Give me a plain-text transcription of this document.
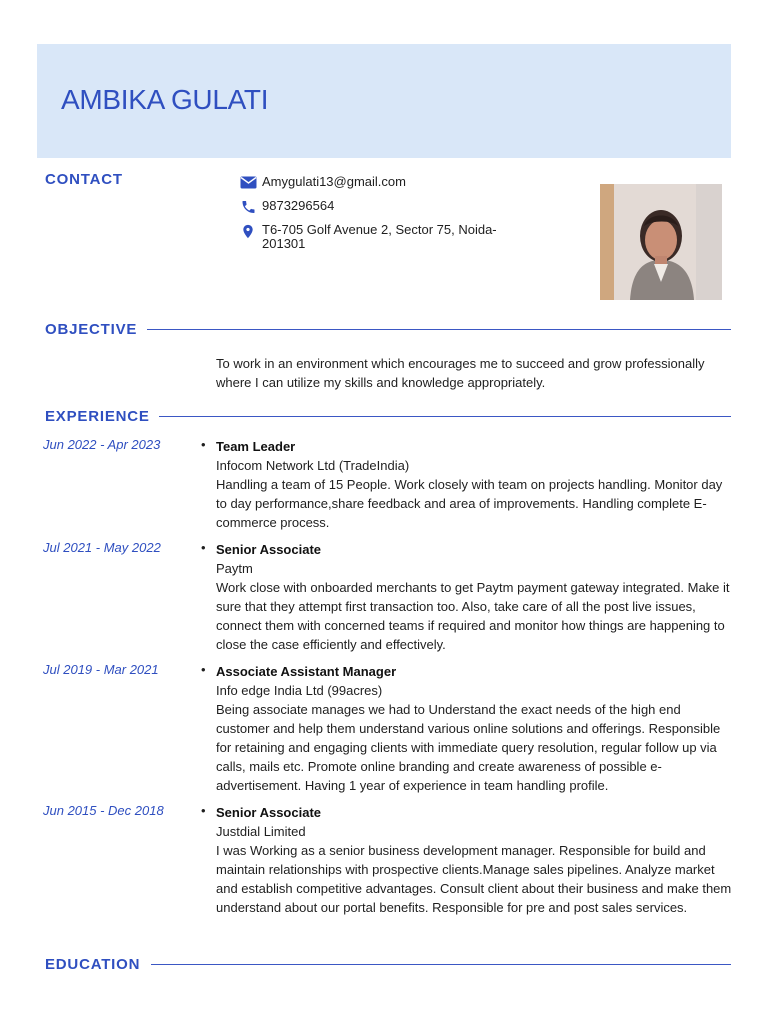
AMBIKA GULATI
CONTACT	Amygulati13@gmail.com
9873296564
T6-705 Golf Avenue 2, Sector 75, Noida-201301
OBJECTIVE

To work in an environment which encourages me to succeed and grow professionally where I can utilize my skills and knowledge appropriately.

EXPERIENCE
Jun 2022 - Apr 2023	• Team Leader
Infocom Network Ltd (TradeIndia)

Handling a team of 15 People. Work closely with team on projects handling. Monitor day to day performance,share feedback and area of improvements. Handling complete E-commerce process.

Jul 2021 - May 2022	• Senior Associate
Paytm

Work close with onboarded merchants to get Paytm payment gateway integrated. Make it sure that they attempt first transaction too. Also, take care of all the post live issues, connect them with concerned teams if required and monitor how things are happening to close the case efficiently and effectively.

Jul 2019 - Mar 2021	• Associate Assistant Manager
Info edge India Ltd (99acres)

Being associate manages we had to Understand the exact needs of the high end customer and help them understand various online solutions and offerings. Responsible for retaining and engaging clients with immediate query resolution, regular follow up via calls, mails etc. Promote online branding and create awareness of possible e-advertisement. Having 1 year of experience in team handling profile.

Jun 2015 - Dec 2018	• Senior Associate
Justdial Limited

I was Working as a senior business development manager. Responsible for build and maintain relationships with prospective clients.Manage sales pipelines. Analyze market and establish competitive advantages. Consult client about their business and make them understand about our portal benefits. Responsible for pre and post sales services.

EDUCATION
